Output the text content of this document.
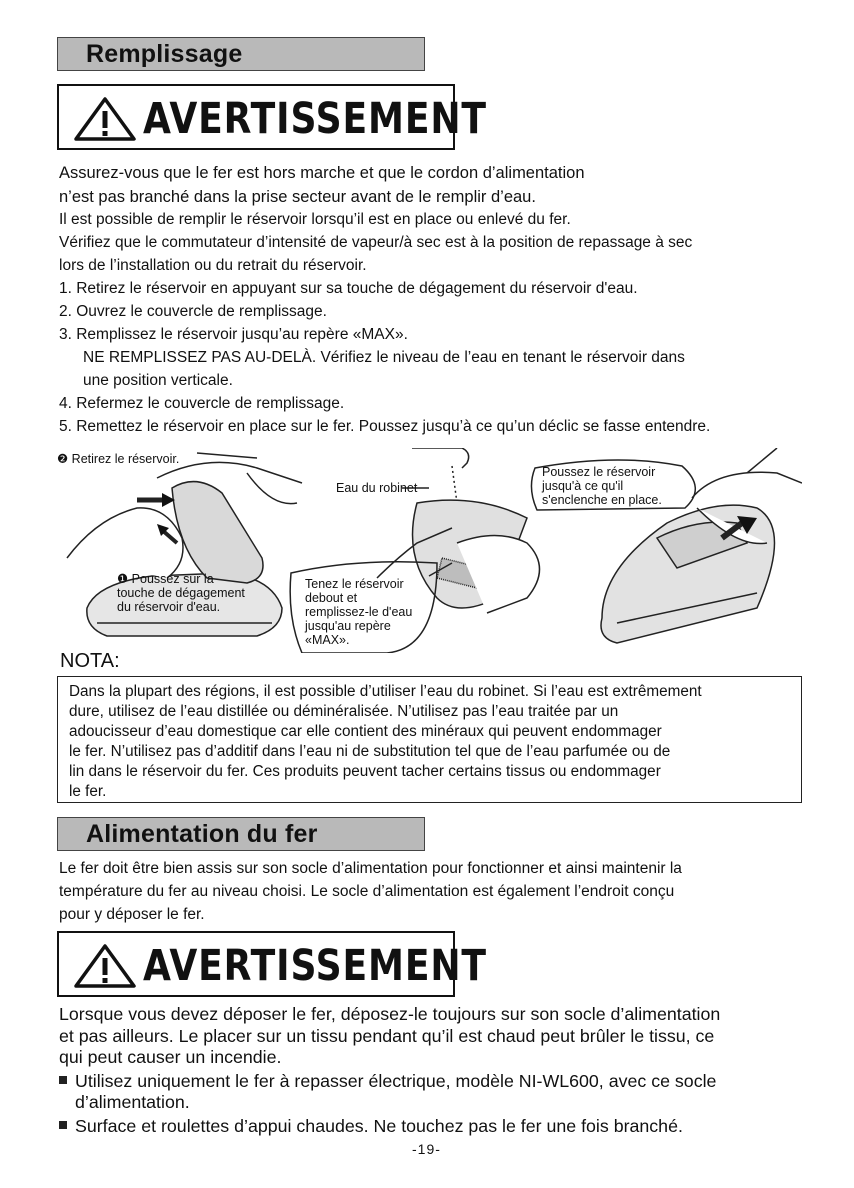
Remplissage
AVERTISSEMENT
Assurez-vous que le fer est hors marche et que le cordon d’alimentation
n’est pas branché dans la prise secteur avant de le remplir d’eau.
Il est possible de remplir le réservoir lorsqu’il est en place ou enlevé du fer.
Vérifiez que le commutateur d’intensité de vapeur/à sec est à la position de repassage à sec
lors de l’installation ou du retrait du réservoir.
1. Retirez le réservoir en appuyant sur sa touche de dégagement du réservoir d'eau.
2. Ouvrez le couvercle de remplissage.
3. Remplissez le réservoir jusqu’au repère «MAX».
NE REMPLISSEZ PAS AU-DELÀ. Vérifiez le niveau de l’eau en tenant le réservoir dans
une position verticale.
4. Refermez le couvercle de remplissage.
5. Remettez le réservoir en place sur le fer. Poussez jusqu’à ce qu’un déclic se fasse entendre.
❷ Retirez le réservoir.
❶ Poussez sur la
touche de dégagement
du réservoir d'eau.
Eau du robinet
Tenez le réservoir
debout et
remplissez-le d'eau
jusqu'au repère
«MAX».
Poussez le réservoir
jusqu'à ce qu'il
s'enclenche en place.
NOTA:
Dans la plupart des régions, il est possible d’utiliser l’eau du robinet. Si l’eau est extrêmement
dure, utilisez de l’eau distillée ou déminéralisée. N’utilisez pas l’eau traitée par un
adoucisseur d’eau domestique car elle contient des minéraux qui peuvent endommager
le fer. N’utilisez pas d’additif dans l’eau ni de substitution tel que de l’eau parfumée ou de
lin dans le réservoir du fer. Ces produits peuvent tacher certains tissus ou endommager
le fer.
Alimentation du fer
Le fer doit être bien assis sur son socle d’alimentation pour fonctionner et ainsi maintenir la
température du fer au niveau choisi. Le socle d’alimentation est également l’endroit conçu
pour y déposer le fer.
AVERTISSEMENT
Lorsque vous devez déposer le fer, déposez-le toujours sur son socle d’alimentation
et pas ailleurs. Le placer sur un tissu pendant qu’il est chaud peut brûler le tissu, ce
qui peut causer un incendie.
Utilisez uniquement le fer à repasser électrique, modèle NI-WL600, avec ce socle
d’alimentation.
Surface et roulettes d’appui chaudes. Ne touchez pas le fer une fois branché.
-19-
